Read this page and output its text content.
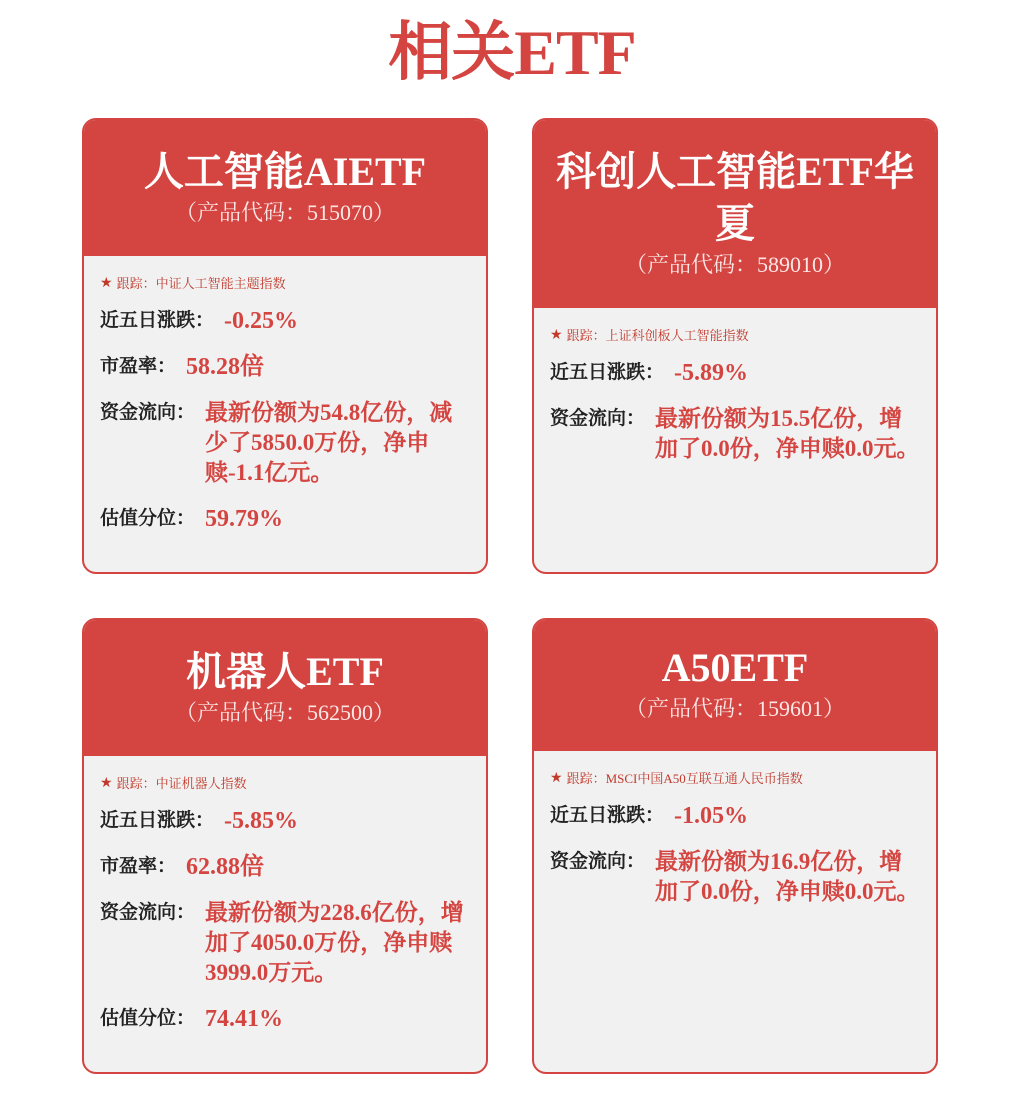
相关ETF
人工智能AIETF
（产品代码：515070）
★ 跟踪：中证人工智能主题指数
近五日涨跌： -0.25%
市盈率： 58.28倍
资金流向： 最新份额为54.8亿份，减少了5850.0万份，净申赎-1.1亿元。
估值分位： 59.79%
科创人工智能ETF华夏
（产品代码：589010）
★ 跟踪：上证科创板人工智能指数
近五日涨跌： -5.89%
资金流向： 最新份额为15.5亿份，增加了0.0份，净申赎0.0元。
机器人ETF
（产品代码：562500）
★ 跟踪：中证机器人指数
近五日涨跌： -5.85%
市盈率： 62.88倍
资金流向： 最新份额为228.6亿份，增加了4050.0万份，净申赎3999.0万元。
估值分位： 74.41%
A50ETF
（产品代码：159601）
★ 跟踪：MSCI中国A50互联互通人民币指数
近五日涨跌： -1.05%
资金流向： 最新份额为16.9亿份，增加了0.0份，净申赎0.0元。
